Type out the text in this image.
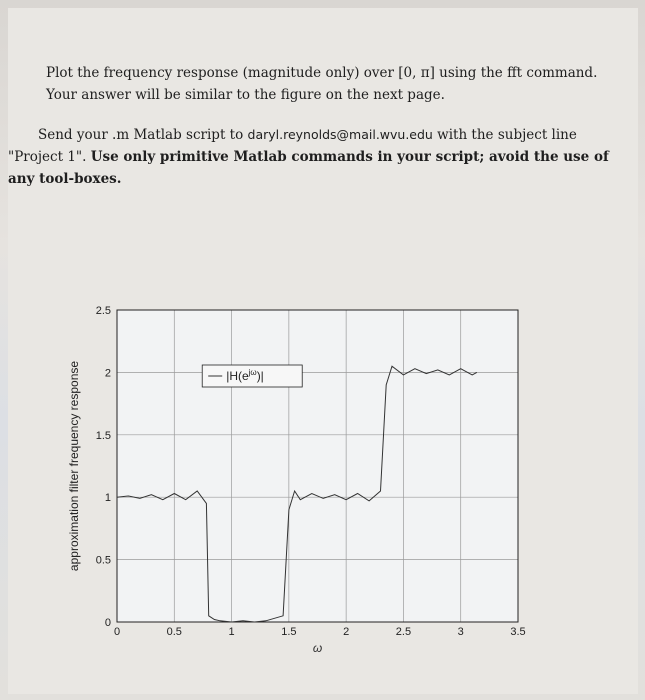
Plot the frequency response (magnitude only) over [0, π] using the fft command.
Your answer will be similar to the figure on the next page.
Send your .m Matlab script to daryl.reynolds@mail.wvu.edu with the subject line "Project 1". Use only primitive Matlab commands in your script; avoid the use of any tool-boxes.
0	0.5	1	1.5	2	2.5	3	3.5
0
0.5
1
1.5
2
2.5
$|H(e^{j\omega})|$
ω
approximation filter frequency response
